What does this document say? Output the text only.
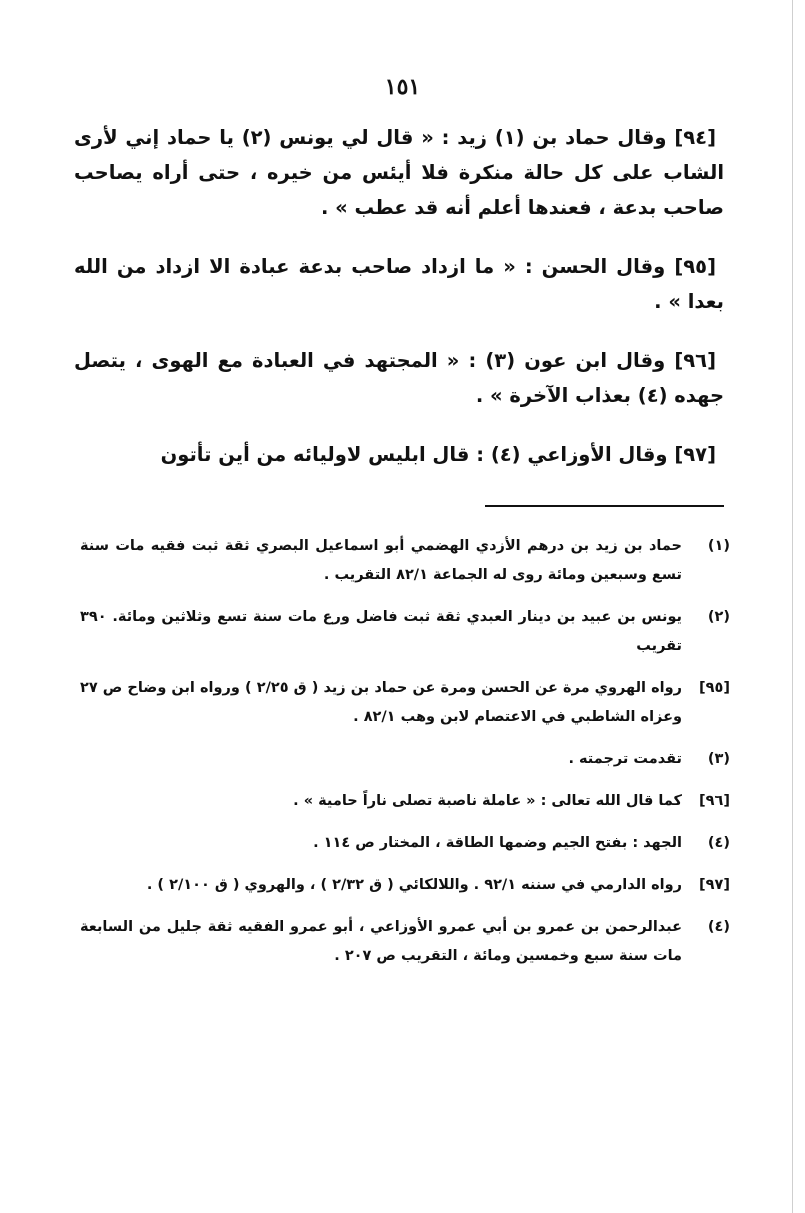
١٥١

[٩٤] وقال حماد بن (١) زيد : « قال لي يونس (٢) يا حماد إني لأرى الشاب على كل حالة منكرة فلا أيئس من خيره ، حتى أراه يصاحب صاحب بدعة ، فعندها أعلم أنه قد عطب » .

[٩٥] وقال الحسن : « ما ازداد صاحب بدعة عبادة الا ازداد من الله بعدا » .

[٩٦] وقال ابن عون (٣) : « المجتهد في العبادة مع الهوى ، يتصل جهده (٤) بعذاب الآخرة » .

[٩٧] وقال الأوزاعي (٤) : قال ابليس لاوليائه من أين تأتون

(١)
حماد بن زيد بن درهم الأزدي الهضمي أبو اسماعيل البصري ثقة ثبت فقيه مات سنة تسع وسبعين ومائة روى له الجماعة ٨٢/١ التقريب .
(٢)
يونس بن عبيد بن دينار العبدي ثقة ثبت فاضل ورع مات سنة تسع وثلاثين ومائة. ٣٩٠ تقريب
[٩٥]
رواه الهروي مرة عن الحسن ومرة عن حماد بن زيد ( ق ٢/٢٥ ) ورواه ابن وضاح ص ٢٧ وعزاه الشاطبي في الاعتصام لابن وهب ٨٢/١ .
(٣)
تقدمت ترجمته .
[٩٦]
كما قال الله تعالى : « عاملة ناصبة تصلى ناراً حامية » .
(٤)
الجهد : بفتح الجيم وضمها الطاقة ، المختار ص ١١٤ .
[٩٧]
رواه الدارمي في سننه ٩٢/١ . واللالكائي ( ق ٢/٣٢ ) ، والهروي ( ق ٢/١٠٠ ) .
(٤)
عبدالرحمن بن عمرو بن أبي عمرو الأوزاعي ، أبو عمرو الفقيه ثقة جليل من السابعة مات سنة سبع وخمسين ومائة ، التقريب ص ٢٠٧ .
